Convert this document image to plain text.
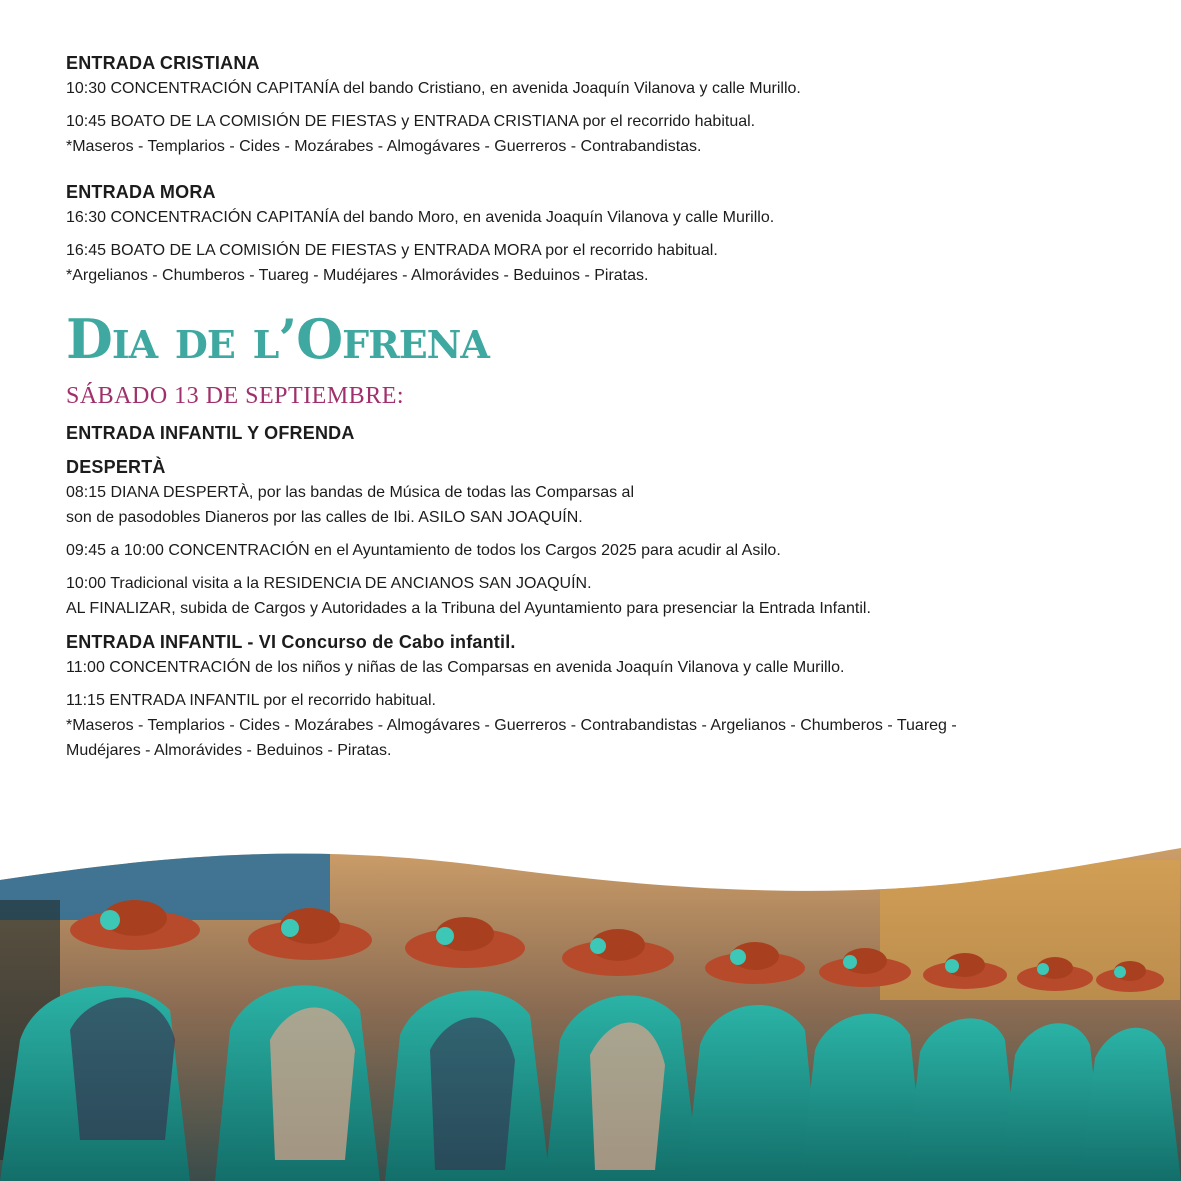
ENTRADA CRISTIANA

10:30 CONCENTRACIÓN CAPITANÍA del bando Cristiano, en avenida Joaquín Vilanova y calle Murillo.

10:45 BOATO DE LA COMISIÓN DE FIESTAS y ENTRADA CRISTIANA por el recorrido habitual.

*Maseros - Templarios - Cides - Mozárabes - Almogávares - Guerreros - Contrabandistas.

ENTRADA MORA

16:30 CONCENTRACIÓN CAPITANÍA del bando Moro, en avenida Joaquín Vilanova y calle Murillo.

16:45 BOATO DE LA COMISIÓN DE FIESTAS y ENTRADA MORA por el recorrido habitual.

*Argelianos - Chumberos - Tuareg - Mudéjares - Almorávides - Beduinos - Piratas.

Dia de l’Ofrena

SÁBADO 13 DE SEPTIEMBRE:

ENTRADA INFANTIL Y OFRENDA

DESPERTÀ

08:15 DIANA DESPERTÀ, por las bandas de Música de todas las Comparsas al

son de pasodobles Dianeros por las calles de Ibi. ASILO SAN JOAQUÍN.

09:45 a 10:00 CONCENTRACIÓN en el Ayuntamiento de todos los Cargos 2025 para acudir al Asilo.

10:00 Tradicional visita a la RESIDENCIA DE ANCIANOS SAN JOAQUÍN.

AL FINALIZAR, subida de Cargos y Autoridades a la Tribuna del Ayuntamiento para presenciar la Entrada Infantil.

ENTRADA INFANTIL - VI Concurso de Cabo infantil.

11:00 CONCENTRACIÓN de los niños y niñas de las Comparsas en avenida Joaquín Vilanova y calle Murillo.

11:15 ENTRADA INFANTIL por el recorrido habitual.

*Maseros - Templarios - Cides - Mozárabes - Almogávares - Guerreros - Contrabandistas - Argelianos - Chumberos - Tuareg -

Mudéjares - Almorávides - Beduinos - Piratas.
